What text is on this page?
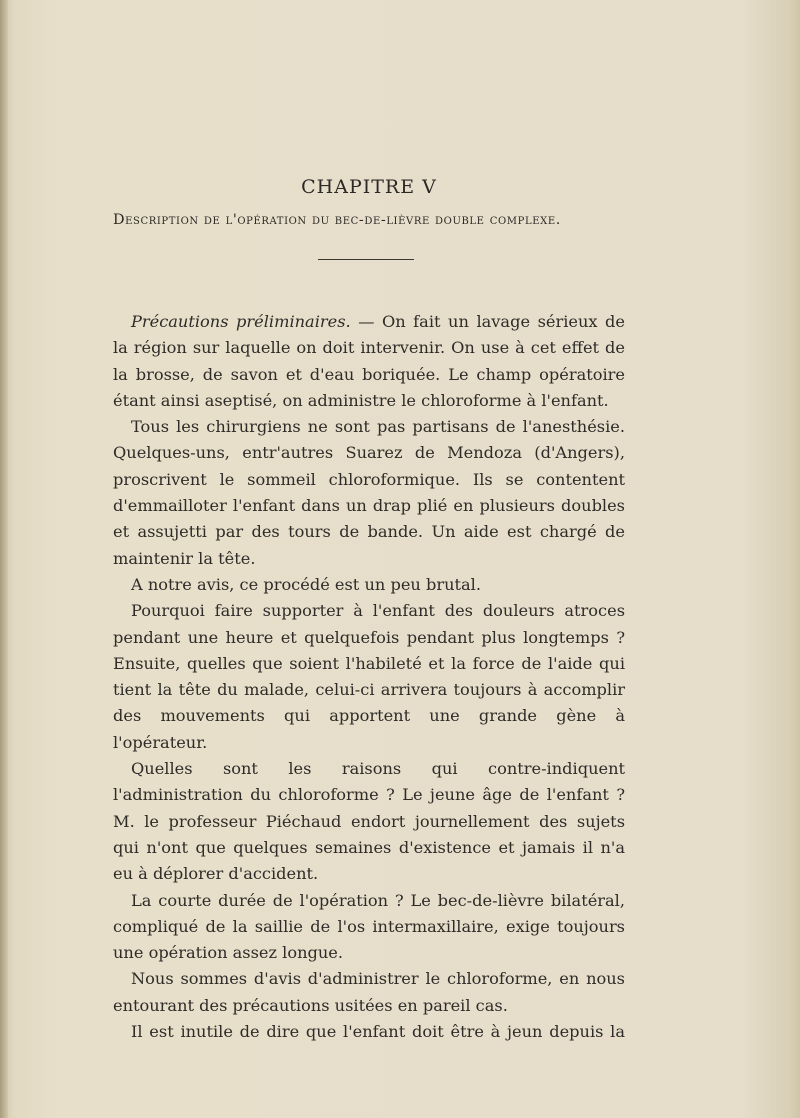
CHAPITRE V
Description de l'opération du bec-de-lièvre double complexe.

Précautions préliminaires. — On fait un lavage sérieux de la région sur laquelle on doit intervenir. On use à cet effet de la brosse, de savon et d'eau boriquée. Le champ opératoire étant ainsi aseptisé, on administre le chloroforme à l'enfant.

Tous les chirurgiens ne sont pas partisans de l'anesthésie. Quelques-uns, entr'autres Suarez de Mendoza (d'Angers), proscrivent le sommeil chloroformique. Ils se contentent d'emmailloter l'enfant dans un drap plié en plusieurs doubles et assujetti par des tours de bande. Un aide est chargé de maintenir la tête.

A notre avis, ce procédé est un peu brutal.

Pourquoi faire supporter à l'enfant des douleurs atroces pendant une heure et quelquefois pendant plus longtemps ? Ensuite, quelles que soient l'habileté et la force de l'aide qui tient la tête du malade, celui-ci arrivera toujours à accomplir des mouvements qui apportent une grande gène à l'opérateur.

Quelles sont les raisons qui contre-indiquent l'administration du chloroforme ? Le jeune âge de l'enfant ? M. le professeur Piéchaud endort journellement des sujets qui n'ont que quelques semaines d'existence et jamais il n'a eu à déplorer d'accident.

La courte durée de l'opération ? Le bec-de-lièvre bilatéral, compliqué de la saillie de l'os intermaxillaire, exige toujours une opération assez longue.

Nous sommes d'avis d'administrer le chloroforme, en nous entourant des précautions usitées en pareil cas.

Il est inutile de dire que l'enfant doit être à jeun depuis la
